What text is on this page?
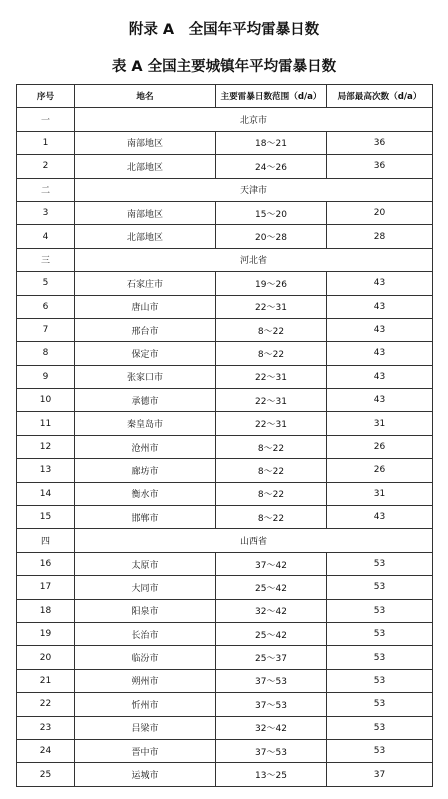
附录 A　全国年平均雷暴日数
表 A 全国主要城镇年平均雷暴日数
序号	地名	主要雷暴日数范围（d/a）	局部最高次数（d/a）
一	北京市		
1	南部地区	18～21	36
2	北部地区	24～26	36
二	天津市		
3	南部地区	15～20	20
4	北部地区	20～28	28
三	河北省		
5	石家庄市	19～26	43
6	唐山市	22～31	43
7	邢台市	8～22	43
8	保定市	8～22	43
9	张家口市	22～31	43
10	承德市	22～31	43
11	秦皇岛市	22～31	31
12	沧州市	8～22	26
13	廊坊市	8～22	26
14	衡水市	8～22	31
15	邯郸市	8～22	43
四	山西省		
16	太原市	37～42	53
17	大同市	25～42	53
18	阳泉市	32～42	53
19	长治市	25～42	53
20	临汾市	25～37	53
21	朔州市	37～53	53
22	忻州市	37～53	53
23	吕梁市	32～42	53
24	晋中市	37～53	53
25	运城市	13～25	37
